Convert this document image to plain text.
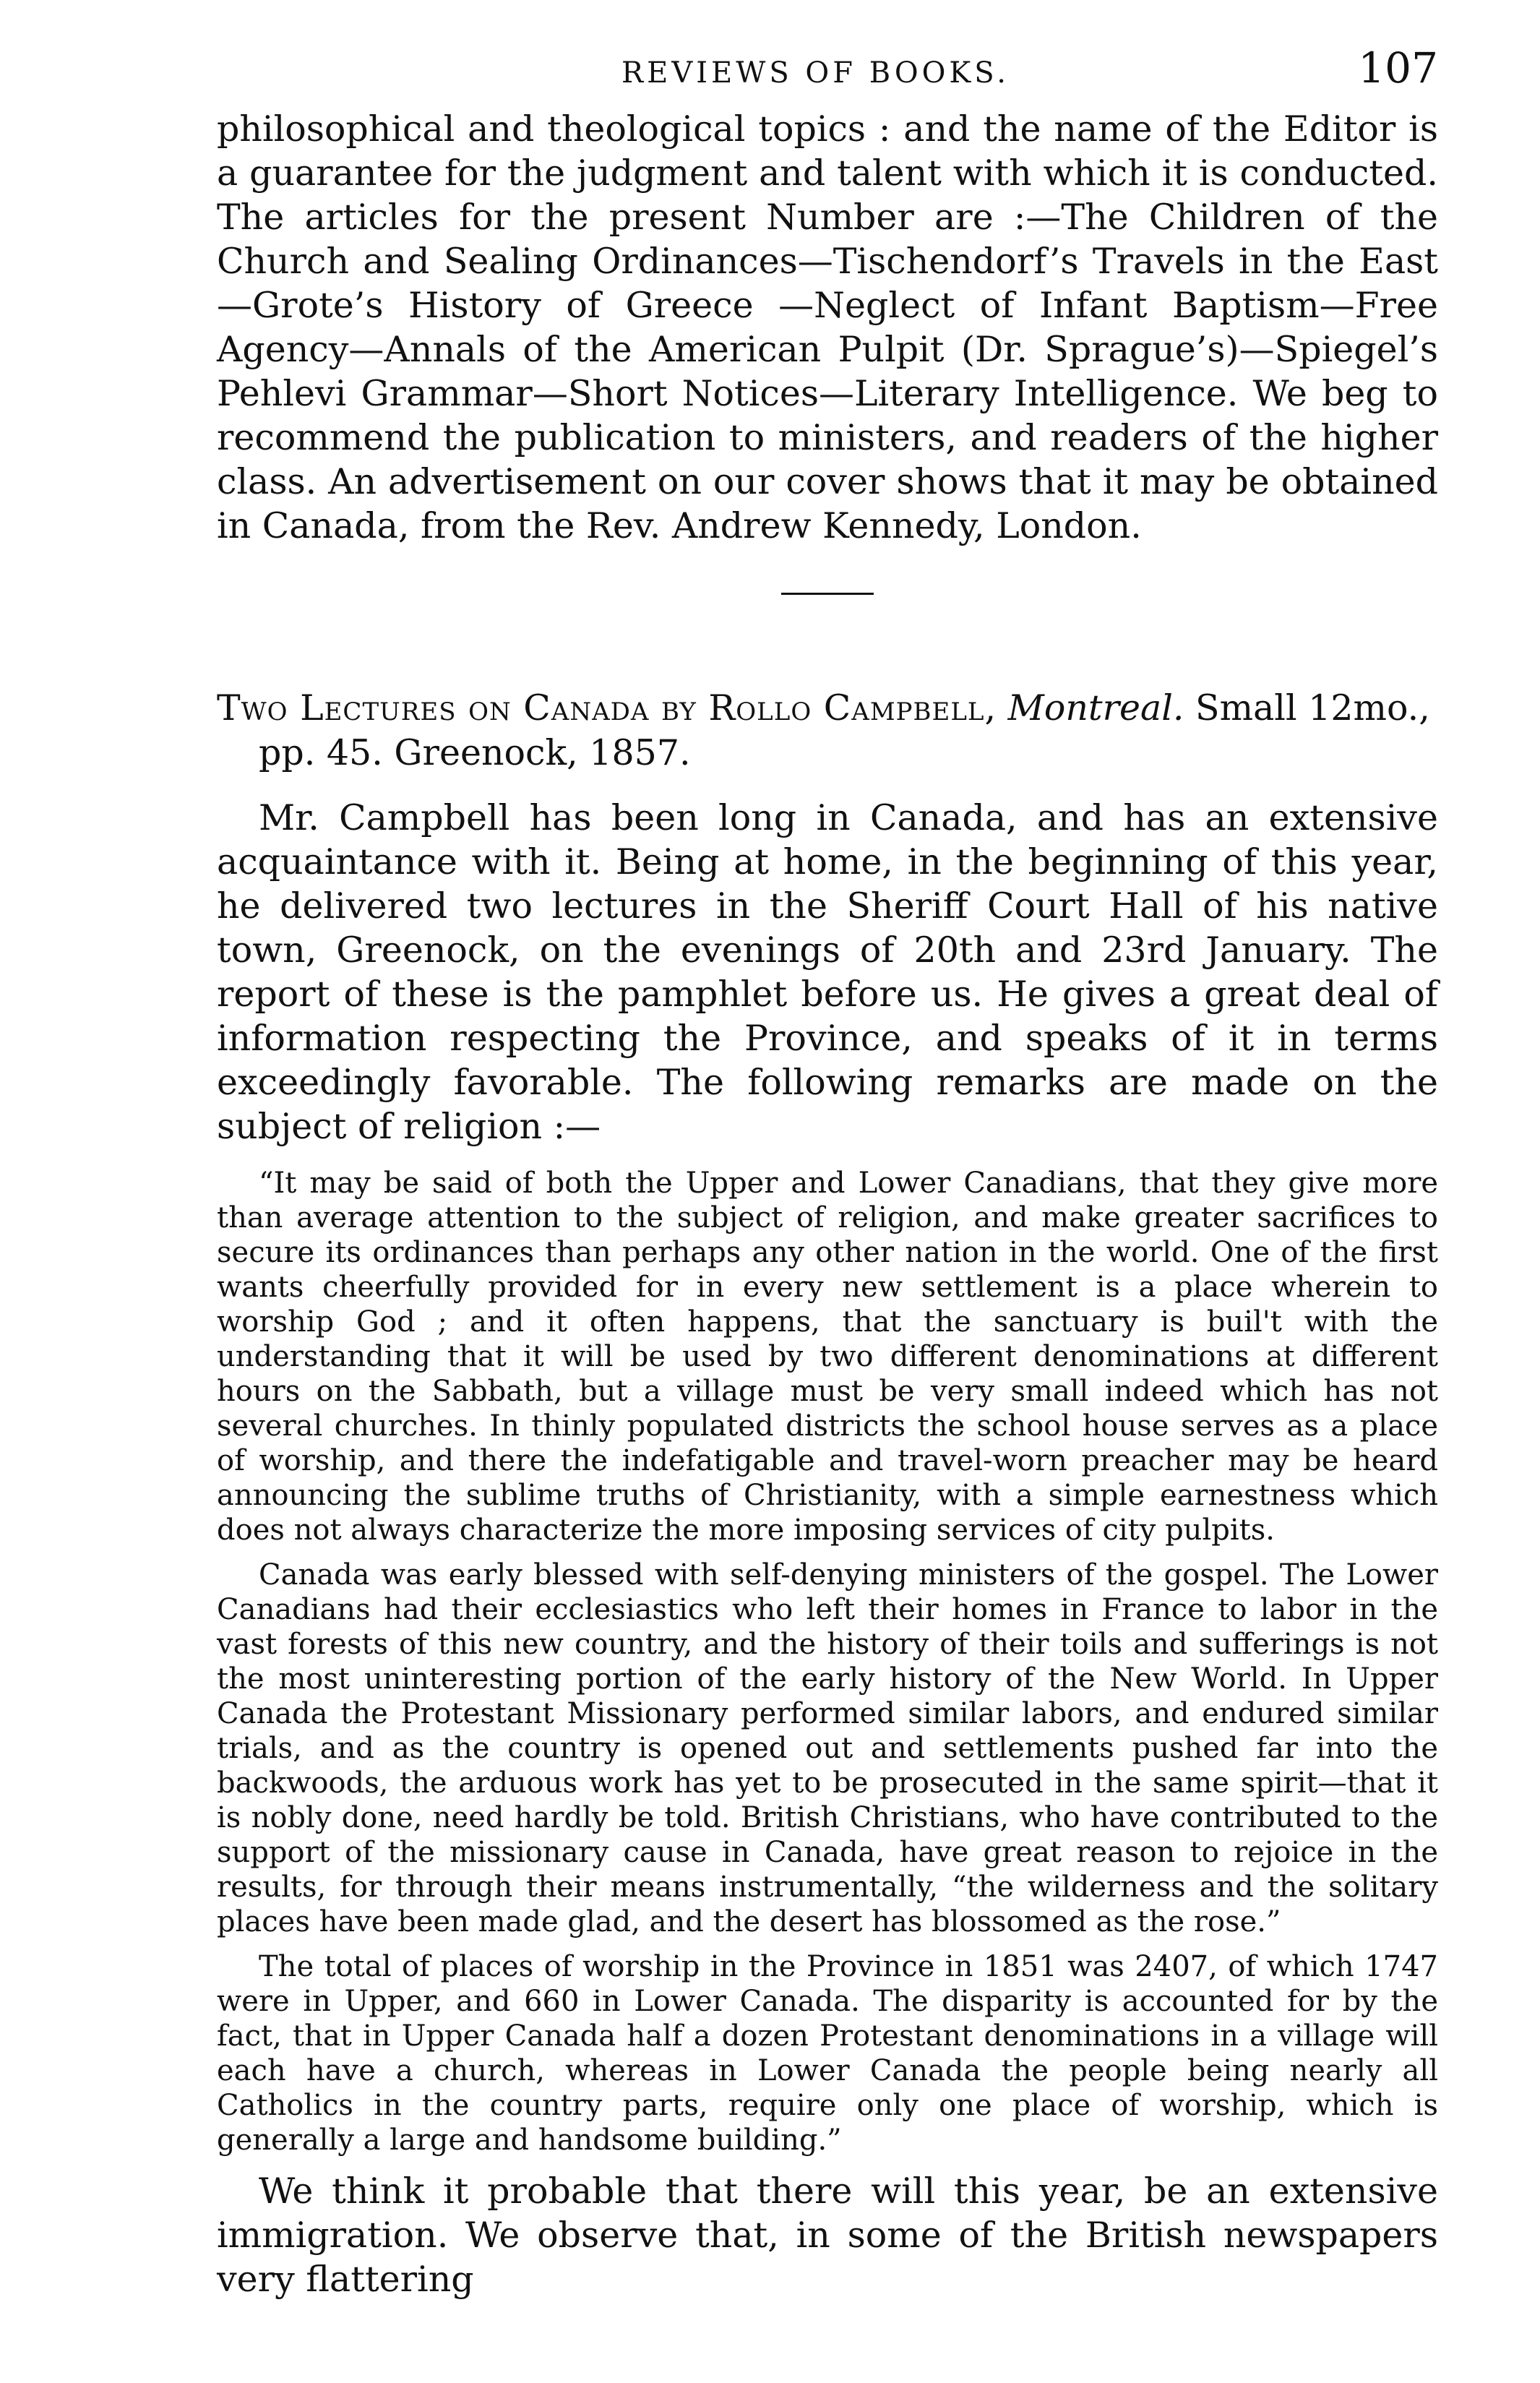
REVIEWS OF BOOKS.	107

philosophical and theological topics : and the name of the Editor is a guarantee for the judgment and talent with which it is conducted. The articles for the present Number are :—The Children of the Church and Sealing Ordinances—Tischendorf’s Travels in the East—Grote’s History of Greece —Neglect of Infant Baptism—Free Agency—Annals of the American Pulpit (Dr. Sprague’s)—Spiegel’s Pehlevi Grammar—Short Notices—Literary Intelligence. We beg to recommend the publication to ministers, and readers of the higher class. An advertisement on our cover shows that it may be obtained in Canada, from the Rev. Andrew Kennedy, London.

Two Lectures on Canada by Rollo Campbell, Montreal. Small 12mo., pp. 45. Greenock, 1857.

Mr. Campbell has been long in Canada, and has an extensive acquaintance with it. Being at home, in the beginning of this year, he delivered two lectures in the Sheriff Court Hall of his native town, Greenock, on the evenings of 20th and 23rd January. The report of these is the pamphlet before us. He gives a great deal of information respecting the Province, and speaks of it in terms exceedingly favorable. The following remarks are made on the subject of religion :—

“It may be said of both the Upper and Lower Canadians, that they give more than average attention to the subject of religion, and make greater sacrifices to secure its ordinances than perhaps any other nation in the world. One of the first wants cheerfully provided for in every new settlement is a place wherein to worship God ; and it often happens, that the sanctuary is buil't with the understanding that it will be used by two different denominations at different hours on the Sabbath, but a village must be very small indeed which has not several churches. In thinly populated districts the school house serves as a place of worship, and there the indefatigable and travel-worn preacher may be heard announcing the sublime truths of Christianity, with a simple earnestness which does not always characterize the more imposing services of city pulpits.

Canada was early blessed with self-denying ministers of the gospel. The Lower Canadians had their ecclesiastics who left their homes in France to labor in the vast forests of this new country, and the history of their toils and sufferings is not the most uninteresting portion of the early history of the New World. In Upper Canada the Protestant Missionary performed similar labors, and endured similar trials, and as the country is opened out and settlements pushed far into the backwoods, the arduous work has yet to be prosecuted in the same spirit—that it is nobly done, need hardly be told. British Christians, who have contributed to the support of the missionary cause in Canada, have great reason to rejoice in the results, for through their means instrumentally, “the wilderness and the solitary places have been made glad, and the desert has blossomed as the rose.”

The total of places of worship in the Province in 1851 was 2407, of which 1747 were in Upper, and 660 in Lower Canada. The disparity is accounted for by the fact, that in Upper Canada half a dozen Protestant denominations in a village will each have a church, whereas in Lower Canada the people being nearly all Catholics in the country parts, require only one place of worship, which is generally a large and handsome building.”

We think it probable that there will this year, be an extensive immigration. We observe that, in some of the British newspapers very flattering
